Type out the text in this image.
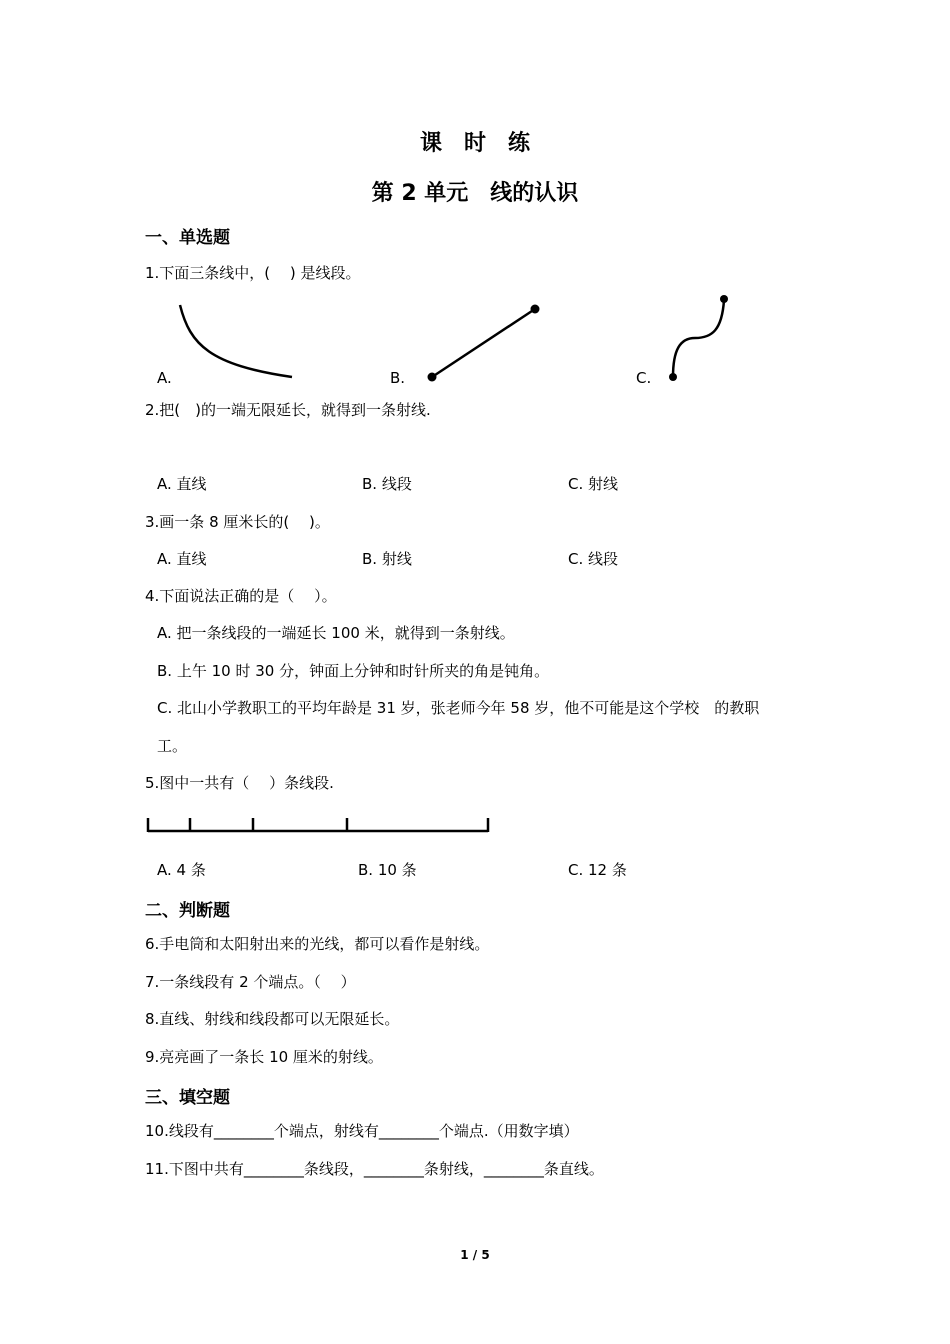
课　时　练
第 2 单元　线的认识
一、单选题
1.下面三条线中，(　 ) 是线段。
A.	B.	C.
2.把(　)的一端无限延长，就得到一条射线.
A. 直线	B. 线段	C. 射线
3.画一条 8 厘米长的(　 )。
A. 直线	B. 射线	C. 线段
4.下面说法正确的是（　 ）。
A. 把一条线段的一端延长 100 米，就得到一条射线。
B. 上午 10 时 30 分，钟面上分钟和时针所夹的角是钝角。
C. 北山小学教职工的平均年龄是 31 岁，张老师今年 58 岁，他不可能是这个学校　的教职
工。
5.图中一共有（　 ）条线段.
A. 4 条	B. 10 条	C. 12 条
二、判断题
6.手电筒和太阳射出来的光线，都可以看作是射线。
7.一条线段有 2 个端点。（　 ）
8.直线、射线和线段都可以无限延长。
9.亮亮画了一条长 10 厘米的射线。
三、填空题
10.线段有________个端点，射线有________个端点.（用数字填）
11.下图中共有________条线段，________条射线，________条直线。
1 / 5
